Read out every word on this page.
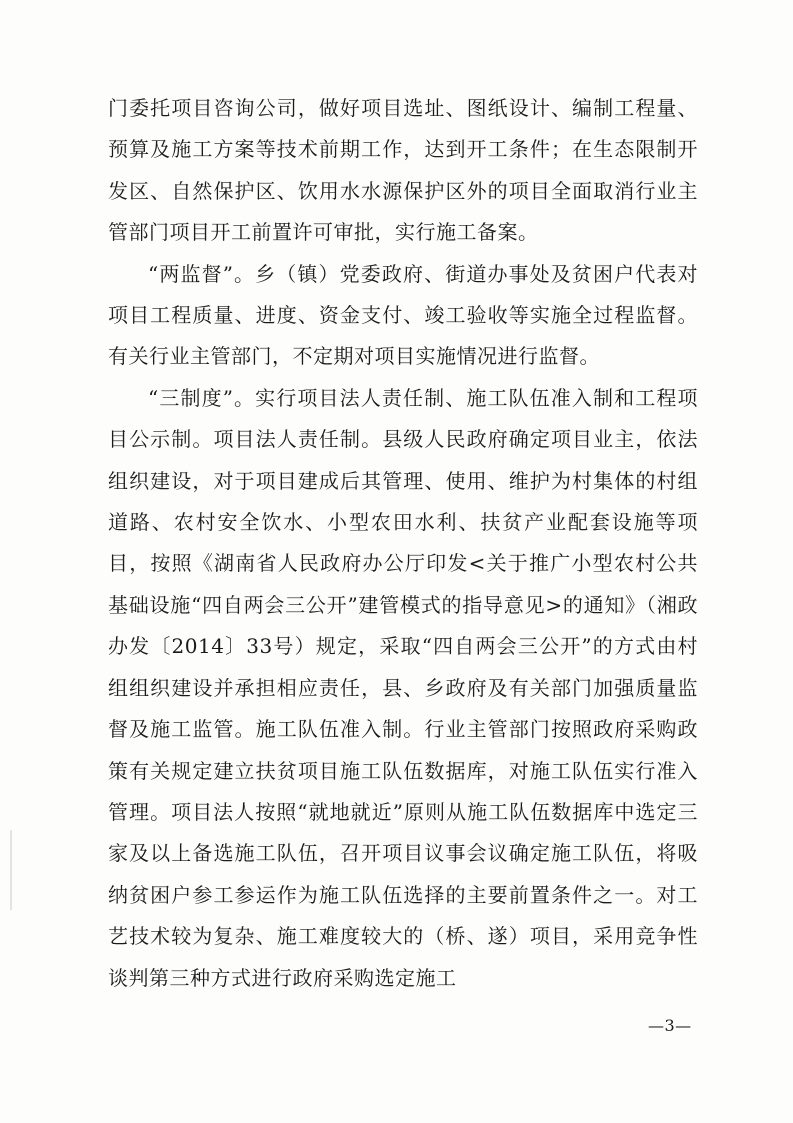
门委托项目咨询公司，做好项目选址、图纸设计、编制工程量、预算及施工方案等技术前期工作，达到开工条件；在生态限制开发区、自然保护区、饮用水水源保护区外的项目全面取消行业主管部门项目开工前置许可审批，实行施工备案。

“两监督”。乡（镇）党委政府、街道办事处及贫困户代表对项目工程质量、进度、资金支付、竣工验收等实施全过程监督。有关行业主管部门，不定期对项目实施情况进行监督。

“三制度”。实行项目法人责任制、施工队伍准入制和工程项目公示制。项目法人责任制。县级人民政府确定项目业主，依法组织建设，对于项目建成后其管理、使用、维护为村集体的村组道路、农村安全饮水、小型农田水利、扶贫产业配套设施等项目，按照《湖南省人民政府办公厅印发<关于推广小型农村公共基础设施“四自两会三公开”建管模式的指导意见>的通知》（湘政办发〔2014〕33号）规定，采取“四自两会三公开”的方式由村组组织建设并承担相应责任，县、乡政府及有关部门加强质量监督及施工监管。施工队伍准入制。行业主管部门按照政府采购政策有关规定建立扶贫项目施工队伍数据库，对施工队伍实行准入管理。项目法人按照“就地就近”原则从施工队伍数据库中选定三家及以上备选施工队伍，召开项目议事会议确定施工队伍，将吸纳贫困户参工参运作为施工队伍选择的主要前置条件之一。对工艺技术较为复杂、施工难度较大的（桥、遂）项目，采用竞争性谈判第三种方式进行政府采购选定施工

—3—
